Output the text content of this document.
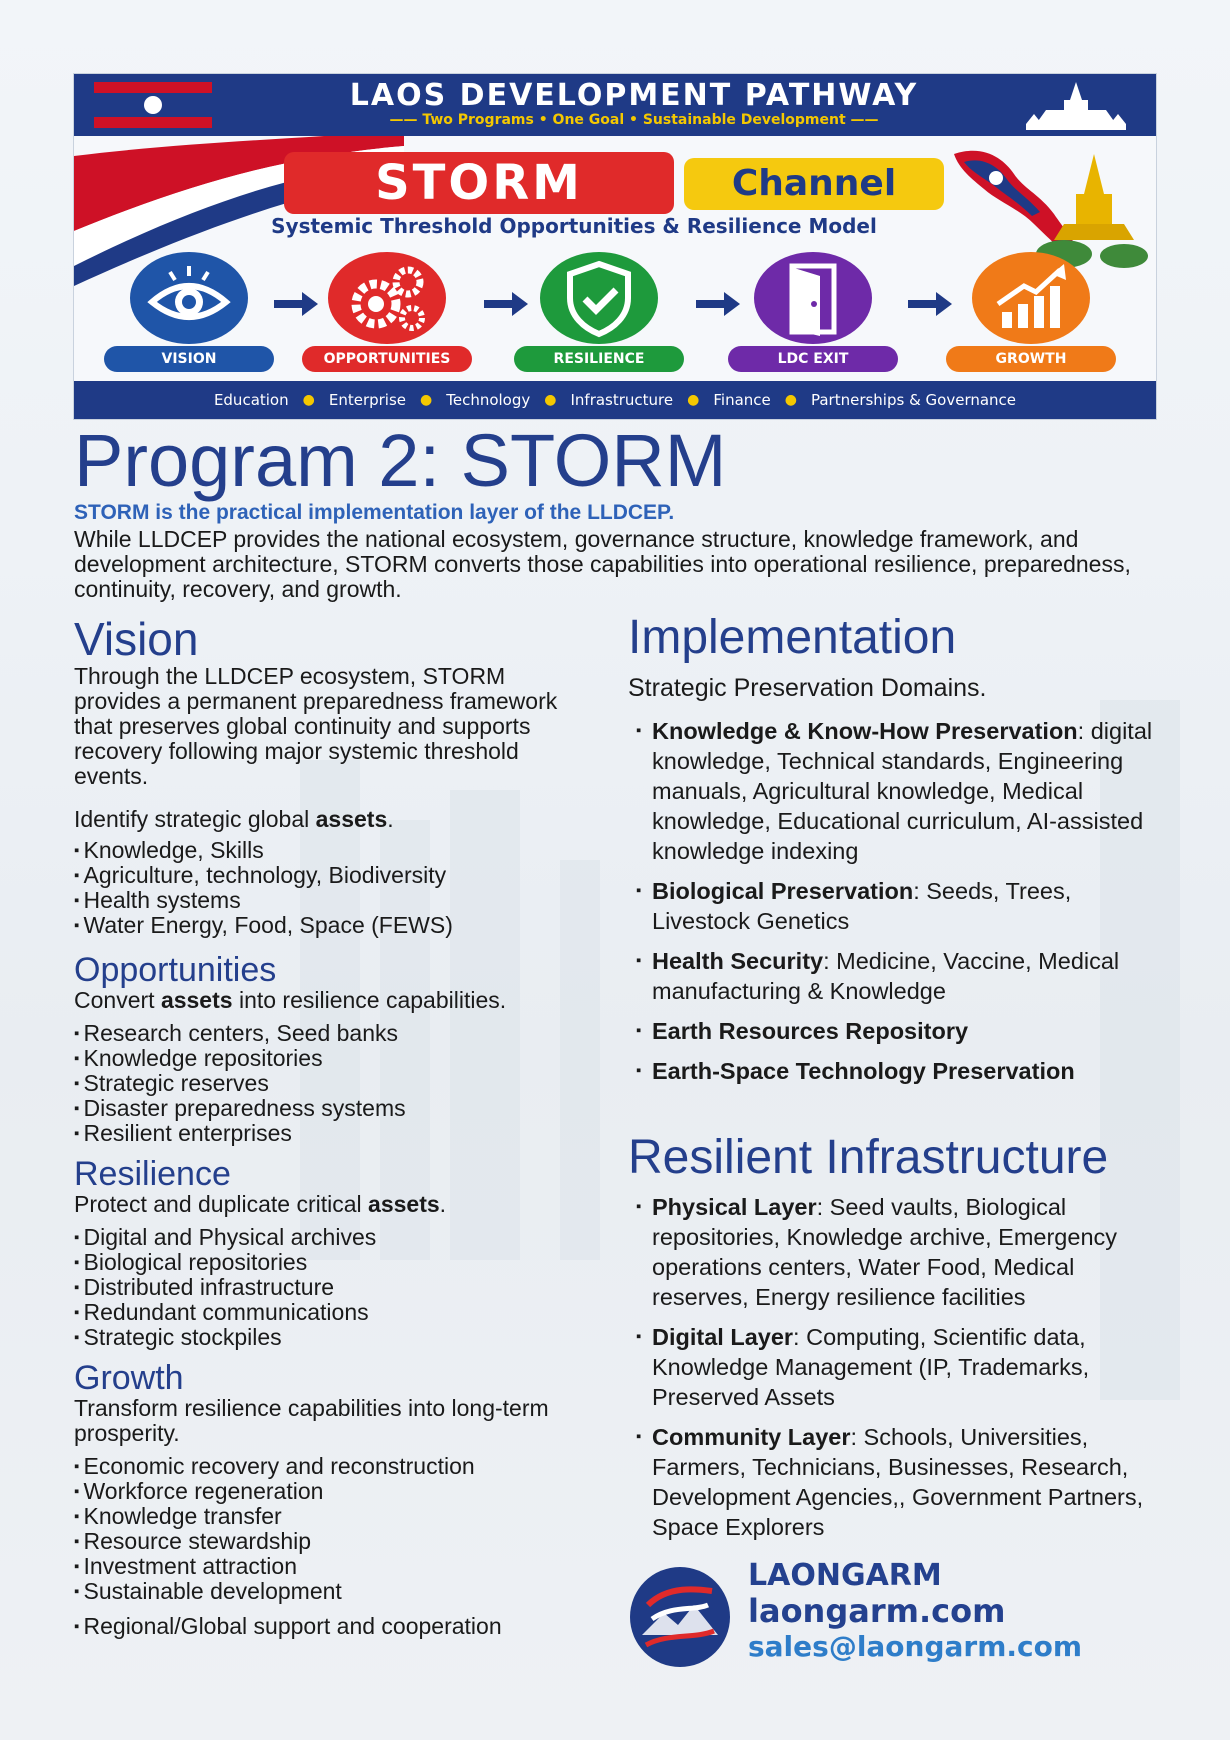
LAOS DEVELOPMENT PATHWAY
—— Two Programs • One Goal • Sustainable Development ——
STORM	Channel
Systemic Threshold Opportunities & Resilience Model
VISION	OPPORTUNITIES	RESILIENCE	LDC EXIT	GROWTH
Education ● Enterprise ● Technology ● Infrastructure ● Finance ● Partnerships & Governance
Program 2: STORM
STORM is the practical implementation layer of the LLDCEP.
While LLDCEP provides the national ecosystem, governance structure, knowledge framework, and development architecture, STORM converts those capabilities into operational resilience, preparedness, continuity, recovery, and growth.
Vision

Through the LLDCEP ecosystem, STORM provides a permanent preparedness framework that preserves global continuity and supports recovery following major systemic threshold events.

Identify strategic global assets.

▪ Knowledge, Skills
▪ Agriculture, technology, Biodiversity
▪ Health systems
▪ Water Energy, Food, Space (FEWS)
Opportunities

Convert assets into resilience capabilities.

▪ Research centers, Seed banks
▪ Knowledge repositories
▪ Strategic reserves
▪ Disaster preparedness systems
▪ Resilient enterprises
Resilience

Protect and duplicate critical assets.

▪ Digital and Physical archives
▪ Biological repositories
▪ Distributed infrastructure
▪ Redundant communications
▪ Strategic stockpiles
Growth

Transform resilience capabilities into long-term prosperity.

▪ Economic recovery and reconstruction
▪ Workforce regeneration
▪ Knowledge transfer
▪ Resource stewardship
▪ Investment attraction
▪ Sustainable development
▪ Regional/Global support and cooperation
Implementation

Strategic Preservation Domains.

▪ Knowledge & Know-How Preservation: digital knowledge, Technical standards, Engineering manuals, Agricultural knowledge, Medical knowledge, Educational curriculum, AI-assisted knowledge indexing
▪ Biological Preservation: Seeds, Trees, Livestock Genetics
▪ Health Security: Medicine, Vaccine, Medical manufacturing & Knowledge
▪ Earth Resources Repository
▪ Earth-Space Technology Preservation
Resilient Infrastructure
▪ Physical Layer: Seed vaults, Biological repositories, Knowledge archive, Emergency operations centers, Water Food, Medical reserves, Energy resilience facilities
▪ Digital Layer: Computing, Scientific data, Knowledge Management (IP, Trademarks, Preserved Assets
▪ Community Layer: Schools, Universities, Farmers, Technicians, Businesses, Research, Development Agencies,, Government Partners, Space Explorers
LAONGARM
laongarm.com
sales@laongarm.com
